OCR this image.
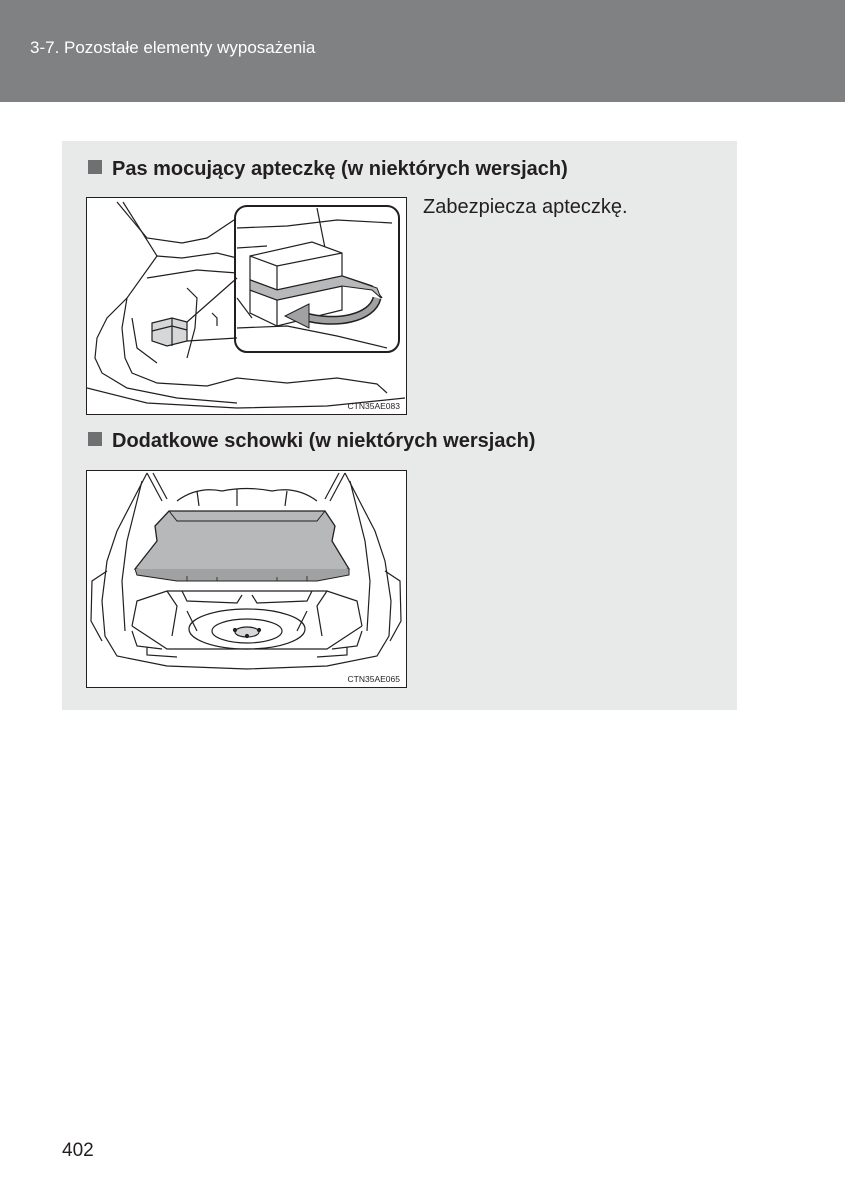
3-7. Pozostałe elementy wyposażenia
Pas mocujący apteczkę (w niektórych wersjach)
CTN35AE083
Zabezpiecza apteczkę.
Dodatkowe schowki (w niektórych wersjach)
CTN35AE065
402
